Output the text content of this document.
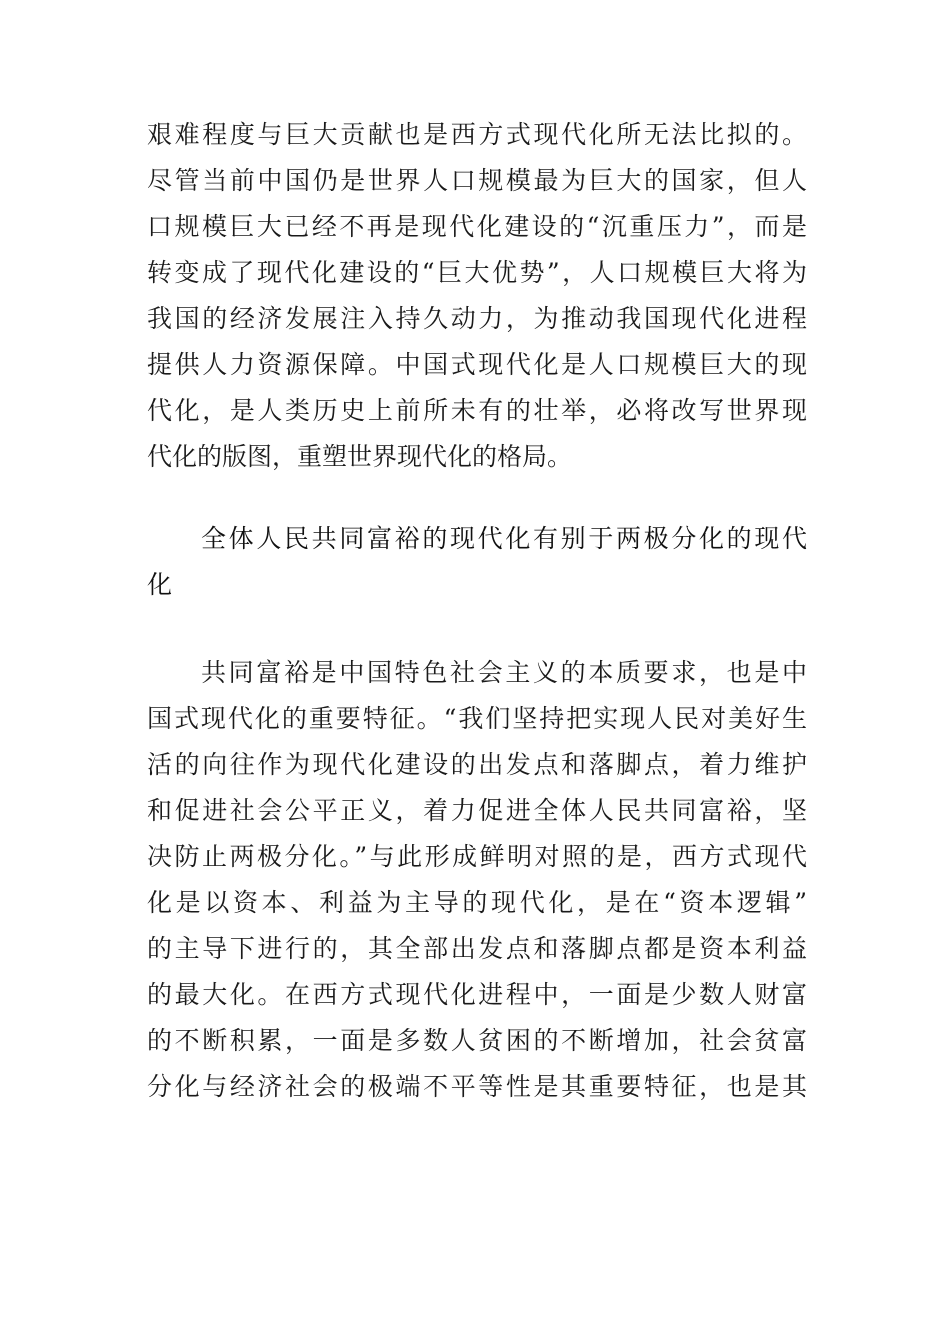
艰难程度与巨大贡献也是西方式现代化所无法比拟的。
尽管当前中国仍是世界人口规模最为巨大的国家，但人
口规模巨大已经不再是现代化建设的“沉重压力”，而是
转变成了现代化建设的“巨大优势”，人口规模巨大将为
我国的经济发展注入持久动力，为推动我国现代化进程
提供人力资源保障。中国式现代化是人口规模巨大的现
代化，是人类历史上前所未有的壮举，必将改写世界现
代化的版图，重塑世界现代化的格局。
全体人民共同富裕的现代化有别于两极分化的现代
化
共同富裕是中国特色社会主义的本质要求，也是中
国式现代化的重要特征。“我们坚持把实现人民对美好生
活的向往作为现代化建设的出发点和落脚点，着力维护
和促进社会公平正义，着力促进全体人民共同富裕，坚
决防止两极分化。”与此形成鲜明对照的是，西方式现代
化是以资本、利益为主导的现代化，是在“资本逻辑”
的主导下进行的，其全部出发点和落脚点都是资本利益
的最大化。在西方式现代化进程中，一面是少数人财富
的不断积累，一面是多数人贫困的不断增加，社会贫富
分化与经济社会的极端不平等性是其重要特征，也是其
